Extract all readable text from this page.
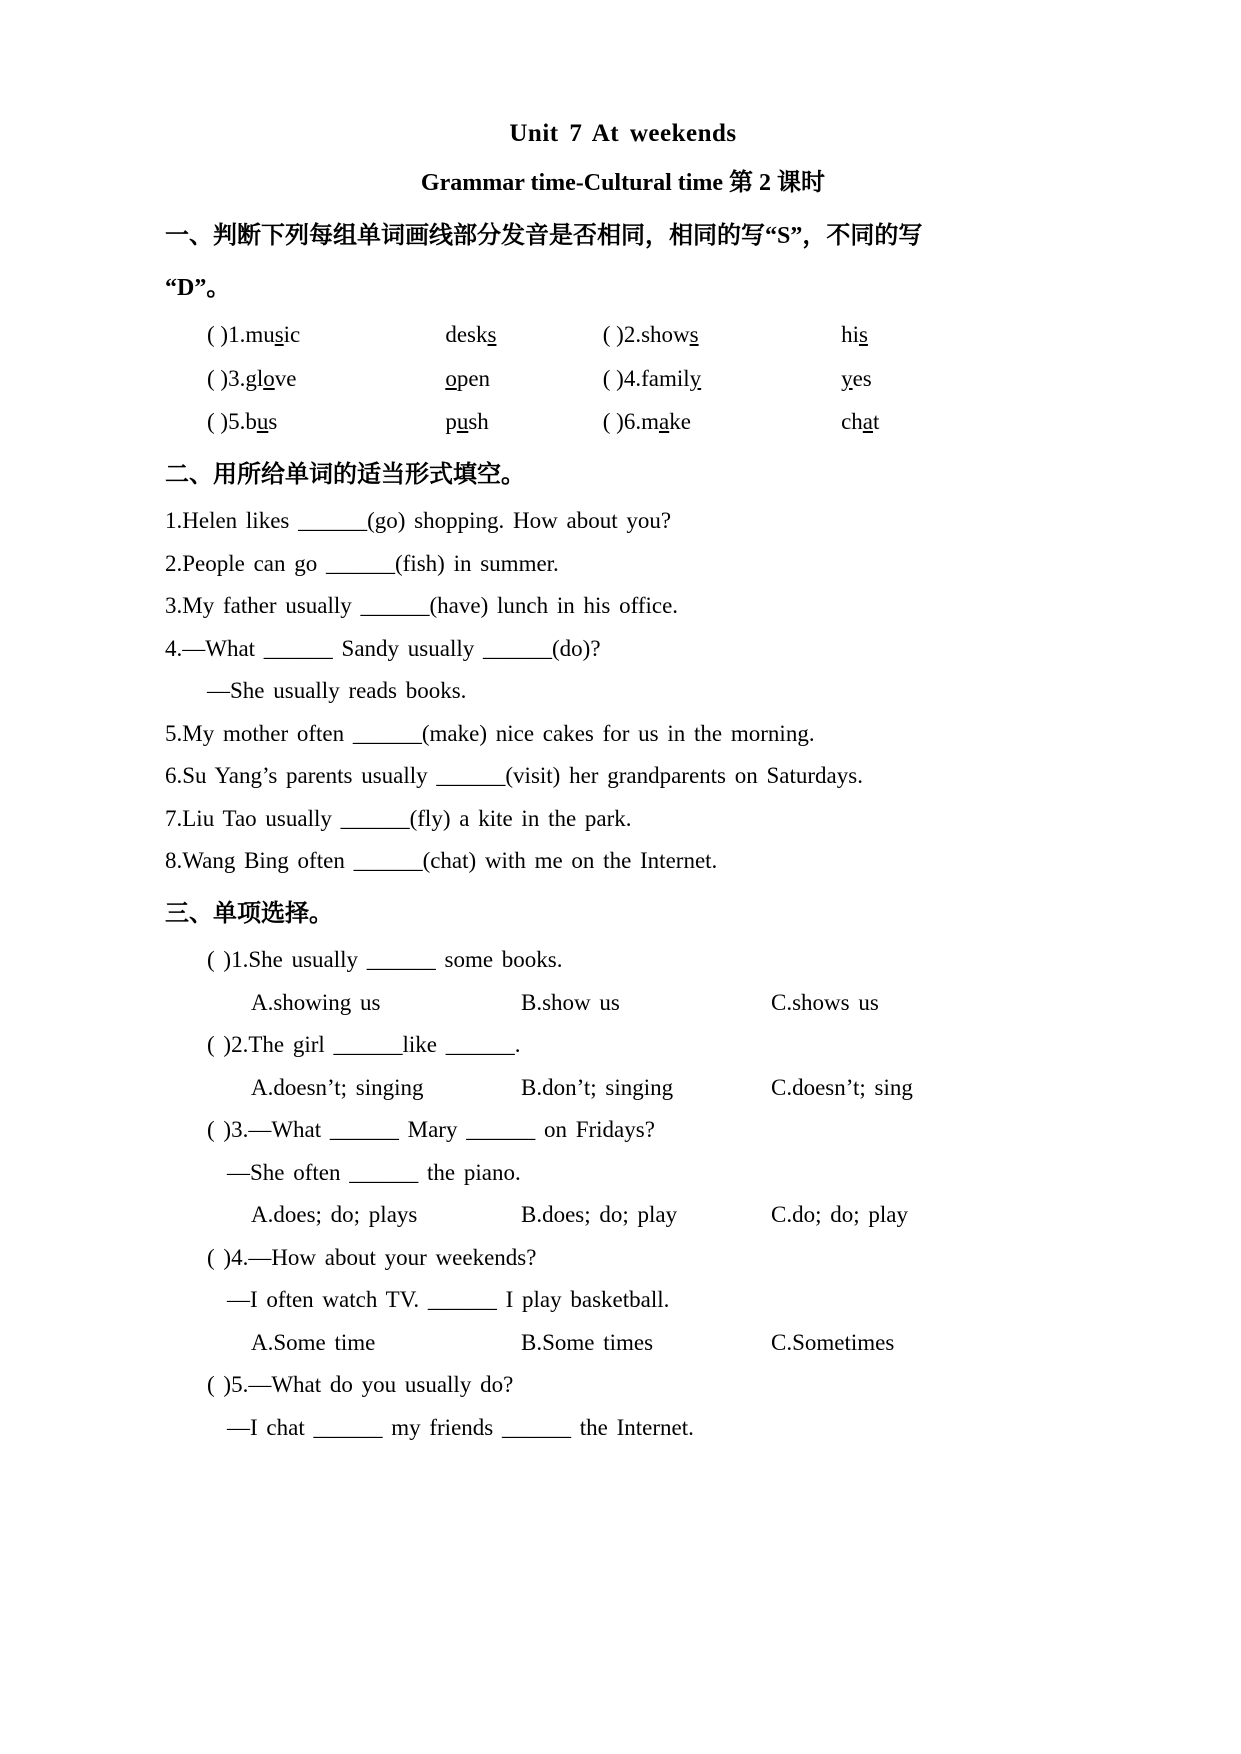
Unit 7 At weekends
Grammar time-Cultural time 第 2 课时
一、判断下列每组单词画线部分发音是否相同，相同的写“S”，不同的写
“D”。
( )1.music	desks	( )2.shows	his
( )3.glove	open	( )4.family	yes
( )5.bus	push	( )6.make	chat
二、用所给单词的适当形式填空。
1.Helen likes ______(go) shopping. How about you?
2.People can go ______(fish) in summer.
3.My father usually ______(have) lunch in his office.
4.—What ______ Sandy usually ______(do)?
—She usually reads books.
5.My mother often ______(make) nice cakes for us in the morning.
6.Su Yang’s parents usually ______(visit) her grandparents on Saturdays.
7.Liu Tao usually ______(fly) a kite in the park.
8.Wang Bing often ______(chat) with me on the Internet.
三、单项选择。
( )1.She usually ______ some books.
A.showing us	B.show us	C.shows us
( )2.The girl ______like ______.
A.doesn’t; singing	B.don’t; singing	C.doesn’t; sing
( )3.—What ______ Mary ______ on Fridays?
—She often ______ the piano.
A.does; do; plays	B.does; do; play	C.do; do; play
( )4.—How about your weekends?
—I often watch TV. ______ I play basketball.
A.Some time	B.Some times	C.Sometimes
( )5.—What do you usually do?
—I chat ______ my friends ______ the Internet.
